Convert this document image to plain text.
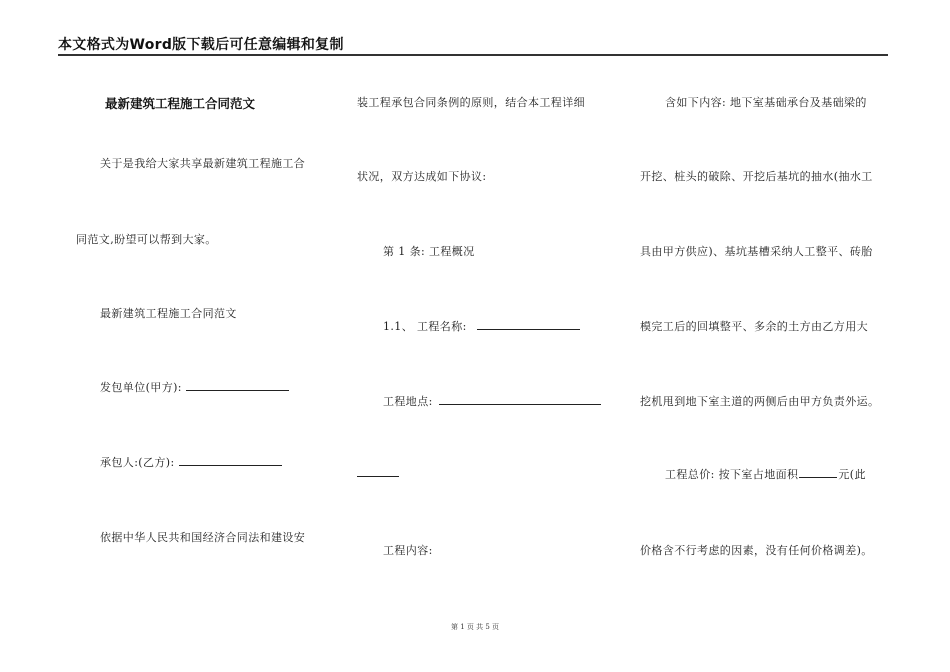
本文格式为Word版下载后可任意编辑和复制
最新建筑工程施工合同范文
关于是我给大家共享最新建筑工程施工合
同范文,盼望可以帮到大家。
最新建筑工程施工合同范文
发包单位(甲方):
承包人:(乙方):
依据中华人民共和国经济合同法和建设安
装工程承包合同条例的原则，结合本工程详细
状况，双方达成如下协议:
第 1 条: 工程概况
1.1、 工程名称:
工程地点:
工程内容:
含如下内容: 地下室基础承台及基础梁的
开挖、桩头的破除、开挖后基坑的抽水(抽水工
具由甲方供应)、基坑基槽采纳人工整平、砖胎
模完工后的回填整平、多余的土方由乙方用大
挖机甩到地下室主道的两侧后由甲方负责外运。
工程总价: 按下室占地面积	元(此
价格含不行考虑的因素，没有任何价格调差)。
第 1 页 共 5 页
